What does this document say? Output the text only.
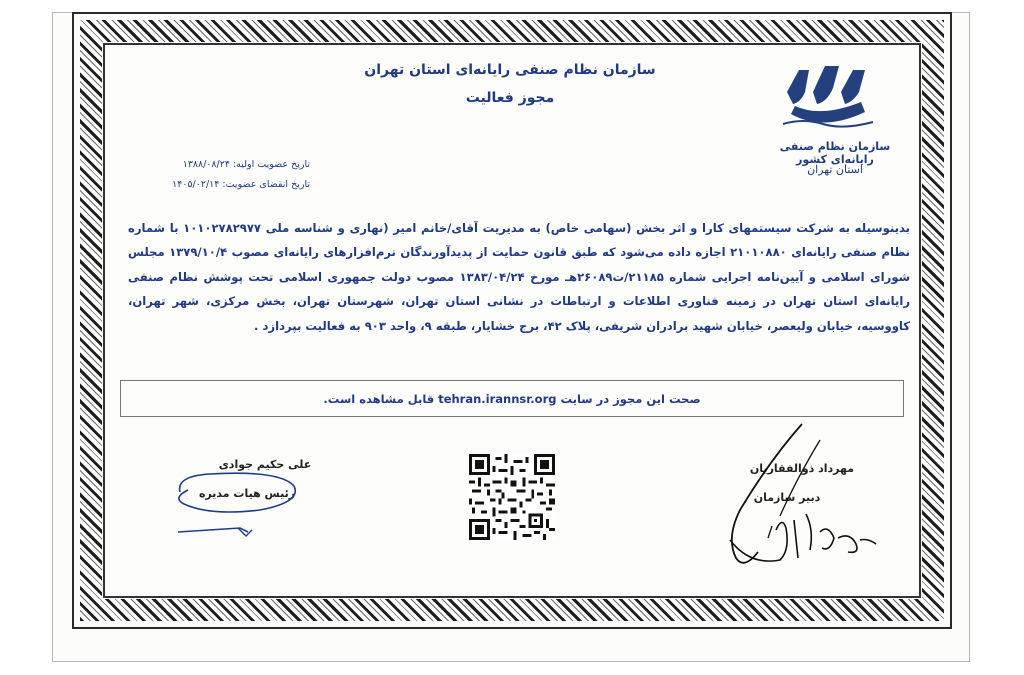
سازمان نظام صنفی رایانه‌ای استان تهران
مجوز فعالیت
سازمان نظام صنفی رایانه‌ای کشور
استان تهران
تاریخ عضویت اولیه: ۱۳۸۸/۰۸/۲۴
تاریخ انقضای عضویت: ۱۴۰۵/۰۲/۱۴
بدینوسیله به شرکت سیستمهای کارا و اثر بخش (سهامی خاص) به مدیریت آقای/خانم امیر (نهاری و شناسه ملی ۱۰۱۰۲۷۸۲۹۷۷ با شماره نظام صنفی رایانه‌ای ۲۱۰۱۰۸۸۰ اجازه داده می‌شود که طبق قانون حمایت از پدیدآورندگان نرم‌افزارهای رایانه‌ای مصوب ۱۳۷۹/۱۰/۴ مجلس شورای اسلامی و آیین‌نامه اجرایی شماره ۲۱۱۸۵/ت۲۶۰۸۹هـ مورخ ۱۳۸۳/۰۴/۲۴ مصوب دولت جمهوری اسلامی تحت پوشش نظام صنفی رایانه‌ای استان تهران در زمینه فناوری اطلاعات و ارتباطات در نشانی استان تهران، شهرستان تهران، بخش مرکزی، شهر تهران، کاووسیه، خیابان ولیعصر، خیابان شهید برادران شریفی، پلاک ۴۲، برج خشایار، طبقه ۹، واحد ۹۰۳ به فعالیت بپردازد .
صحت این مجوز در سایت tehran.irannsr.org قابل مشاهده است.
علی حکیم جوادی
رئیس هیات مدیره
مهرداد ذوالفقاریان
دبیر سازمان
